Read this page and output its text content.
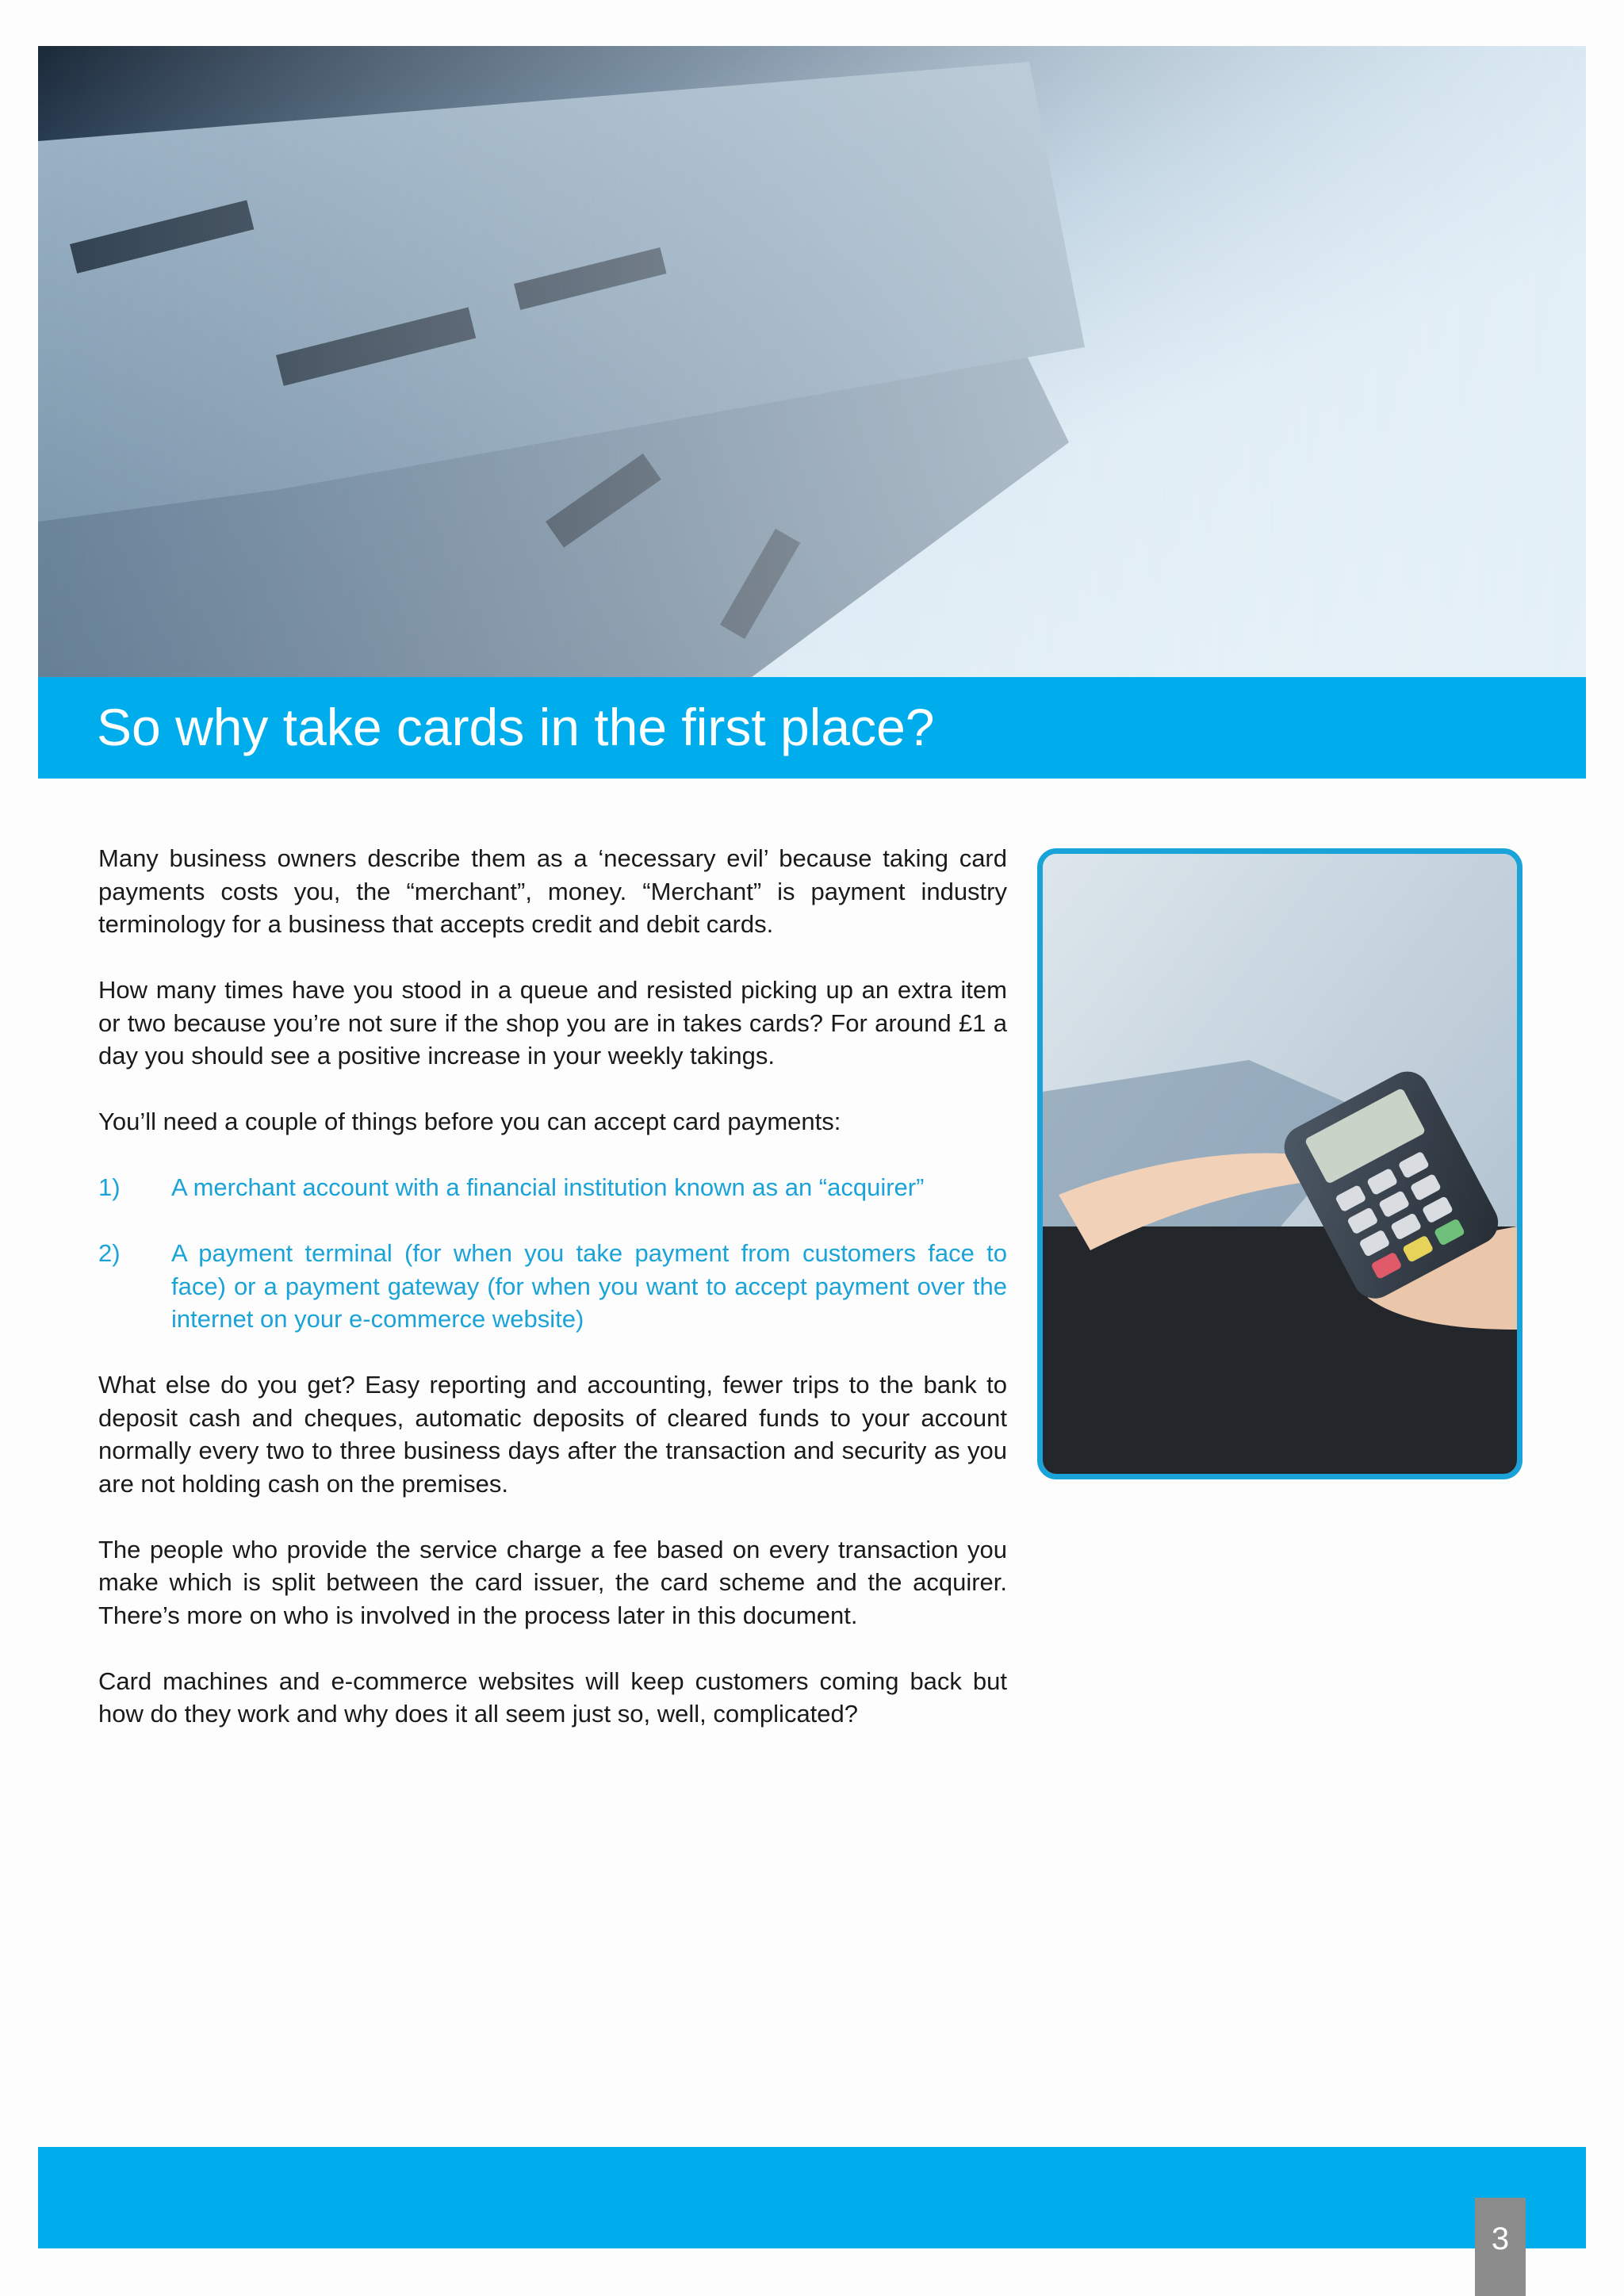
So why take cards in the first place?

Many business owners describe them as a ‘necessary evil’ because taking card payments costs you, the “merchant”, money. “Merchant” is payment industry terminology for a business that accepts credit and debit cards.

How many times have you stood in a queue and resisted picking up an extra item or two because you’re not sure if the shop you are in takes cards? For around £1 a day you should see a positive increase in your weekly takings.

You’ll need a couple of things before you can accept card payments:

1)	A merchant account with a financial institution known as an “acquirer”
2)	A payment terminal (for when you take payment from customers face to face) or a payment gateway (for when you want to accept payment over the internet on your e-commerce website)

What else do you get? Easy reporting and accounting, fewer trips to the bank to deposit cash and cheques, automatic deposits of cleared funds to your account normally every two to three business days after the transaction and security as you are not holding cash on the premises.

The people who provide the service charge a fee based on every transaction you make which is split between the card issuer, the card scheme and the acquirer. There’s more on who is involved in the process later in this document.

Card machines and e-commerce websites will keep customers coming back but how do they work and why does it all seem just so, well, complicated?

3
